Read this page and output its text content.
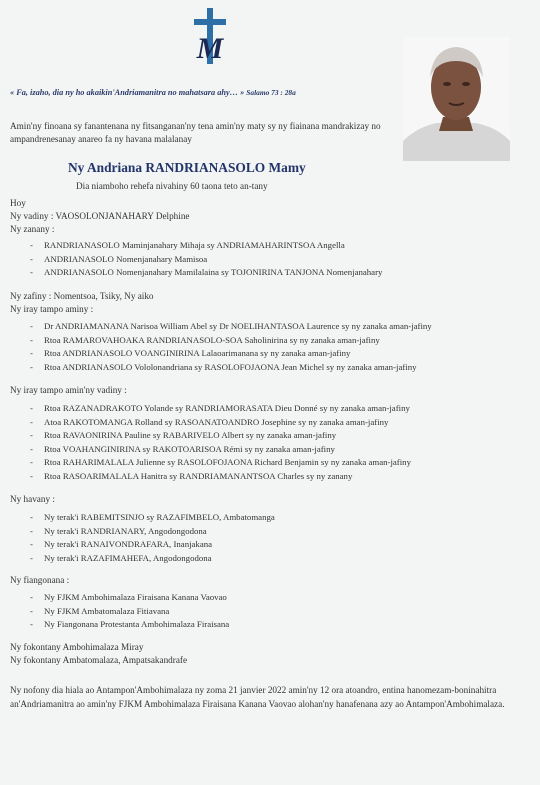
M
« Fa, izaho, dia ny ho akaikin'Andriamanitra no mahatsara ahy… » Salamo 73 : 28a
Amin'ny finoana sy fanantenana ny fitsanganan'ny tena amin'ny maty sy ny fiainana mandrakizay no ampandrenesanay anareo fa ny havana malalanay
Ny Andriana RANDRIANASOLO Mamy
Dia niamboho rehefa nivahiny 60 taona teto an-tany
Hoy
Ny vadiny : VAOSOLONJANAHARY Delphine
Ny zanany :
- RANDRIANASOLO Maminjanahary Mihaja sy ANDRIAMAHARINTSOA Angella
- ANDRIANASOLO Nomenjanahary Mamisoa
- ANDRIANASOLO Nomenjanahary Mamilalaina sy TOJONIRINA TANJONA Nomenjanahary
Ny zafiny : Nomentsoa, Tsiky, Ny aiko
Ny iray tampo aminy :
- Dr ANDRIAMANANA Narisoa William Abel sy Dr NOELIHANTASOA Laurence sy ny zanaka aman-jafiny
- Rtoa RAMAROVAHOAKA RANDRIANASOLO-SOA Saholinirina sy ny zanaka aman-jafiny
- Rtoa ANDRIANASOLO VOANGINIRINA Lalaoarimanana sy ny zanaka aman-jafiny
- Rtoa ANDRIANASOLO Vololonandriana sy RASOLOFOJAONA Jean Michel sy ny zanaka aman-jafiny
Ny iray tampo amin'ny vadiny :
- Rtoa RAZANADRAKOTO Yolande sy RANDRIAMORASATA Dieu Donné sy ny zanaka aman-jafiny
- Atoa RAKOTOMANGA Rolland sy RASOANATOANDRO Josephine sy ny zanaka aman-jafiny
- Rtoa RAVAONIRINA Pauline sy RABARIVELO Albert sy ny zanaka aman-jafiny
- Rtoa VOAHANGINIRINA sy RAKOTOARISOA Rémi sy ny zanaka aman-jafiny
- Rtoa RAHARIMALALA Julienne sy RASOLOFOJAONA Richard Benjamin sy ny zanaka aman-jafiny
- Rtoa RASOARIMALALA Hanitra sy RANDRIAMANANTSOA Charles sy ny zanany
Ny havany :
- Ny terak'i RABEMITSINJO sy RAZAFIMBELO, Ambatomanga
- Ny terak'i RANDRIANARY, Angodongodona
- Ny terak'i RANAIVONDRAFARA, Inanjakana
- Ny terak'i RAZAFIMAHEFA, Angodongodona
Ny fiangonana :
- Ny FJKM Ambohimalaza Firaisana Kanana Vaovao
- Ny FJKM Ambatomalaza Fitiavana
- Ny Fiangonana Protestanta Ambohimalaza Firaisana
Ny fokontany Ambohimalaza Miray
Ny fokontany Ambatomalaza, Ampatsakandrafe
Ny nofony dia hiala ao Antampon'Ambohimalaza ny zoma 21 janvier 2022 amin'ny 12 ora atoandro, entina hanomezam-boninahitra an'Andriamanitra ao amin'ny FJKM Ambohimalaza Firaisana Kanana Vaovao alohan'ny hanafenana azy ao Antampon'Ambohimalaza.
